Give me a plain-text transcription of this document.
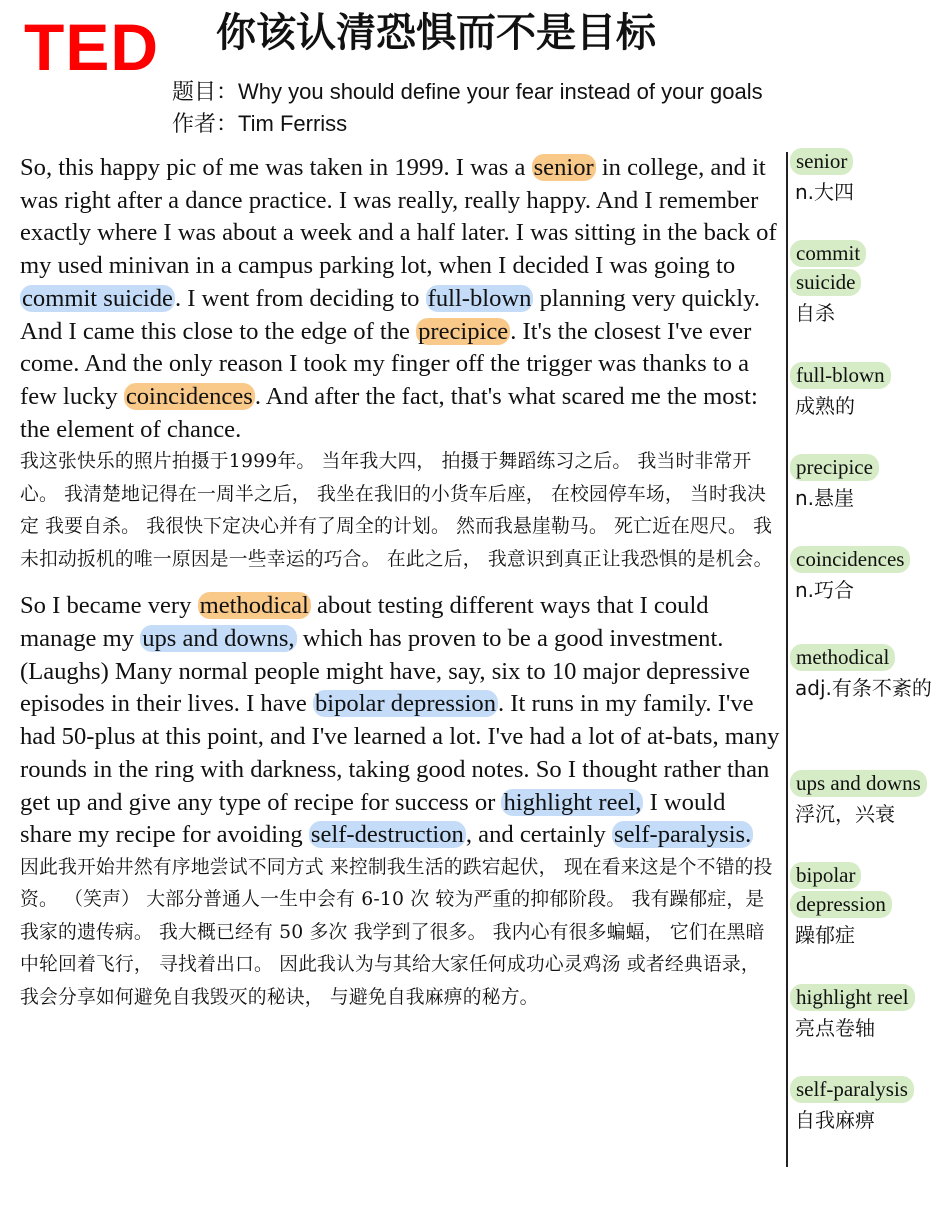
TED 你该认清恐惧而不是目标
题目：Why you should define your fear instead of your goals
作者：Tim Ferriss

So, this happy pic of me was taken in 1999. I was a senior in college, and it was right after a dance practice. I was really, really happy. And I remember exactly where I was about a week and a half later. I was sitting in the back of my used minivan in a campus parking lot, when I decided I was going to commit suicide. I went from deciding to full-blown planning very quickly. And I came this close to the edge of the precipice. It's the closest I've ever come. And the only reason I took my finger off the trigger was thanks to a few lucky coincidences. And after the fact, that's what scared me the most: the element of chance.

我这张快乐的照片拍摄于1999年。 当年我大四， 拍摄于舞蹈练习之后。 我当时非常开心。 我清楚地记得在一周半之后， 我坐在我旧的小货车后座， 在校园停车场， 当时我决定 我要自杀。 我很快下定决心并有了周全的计划。 然而我悬崖勒马。 死亡近在咫尺。 我未扣动扳机的唯一原因是一些幸运的巧合。 在此之后， 我意识到真正让我恐惧的是机会。

So I became very methodical about testing different ways that I could manage my ups and downs, which has proven to be a good investment. (Laughs) Many normal people might have, say, six to 10 major depressive episodes in their lives. I have bipolar depression. It runs in my family. I've had 50-plus at this point, and I've learned a lot. I've had a lot of at-bats, many rounds in the ring with darkness, taking good notes. So I thought rather than get up and give any type of recipe for success or highlight reel, I would share my recipe for avoiding self-destruction, and certainly self-paralysis.

因此我开始井然有序地尝试不同方式 来控制我生活的跌宕起伏， 现在看来这是个不错的投资。 （笑声） 大部分普通人一生中会有 6-10 次 较为严重的抑郁阶段。 我有躁郁症，是我家的遗传病。 我大概已经有 50 多次 我学到了很多。 我内心有很多蝙蝠， 它们在黑暗中轮回着飞行， 寻找着出口。 因此我认为与其给大家任何成功心灵鸡汤 或者经典语录， 我会分享如何避免自我毁灭的秘诀， 与避免自我麻痹的秘方。

senior
n.大四
commit
suicide
自杀
full-blown
成熟的
precipice
n.悬崖
coincidences
n.巧合
methodical
adj.有条不紊的
ups and downs
浮沉，兴衰
bipolar
depression
躁郁症
highlight reel
亮点卷轴
self-paralysis
自我麻痹
